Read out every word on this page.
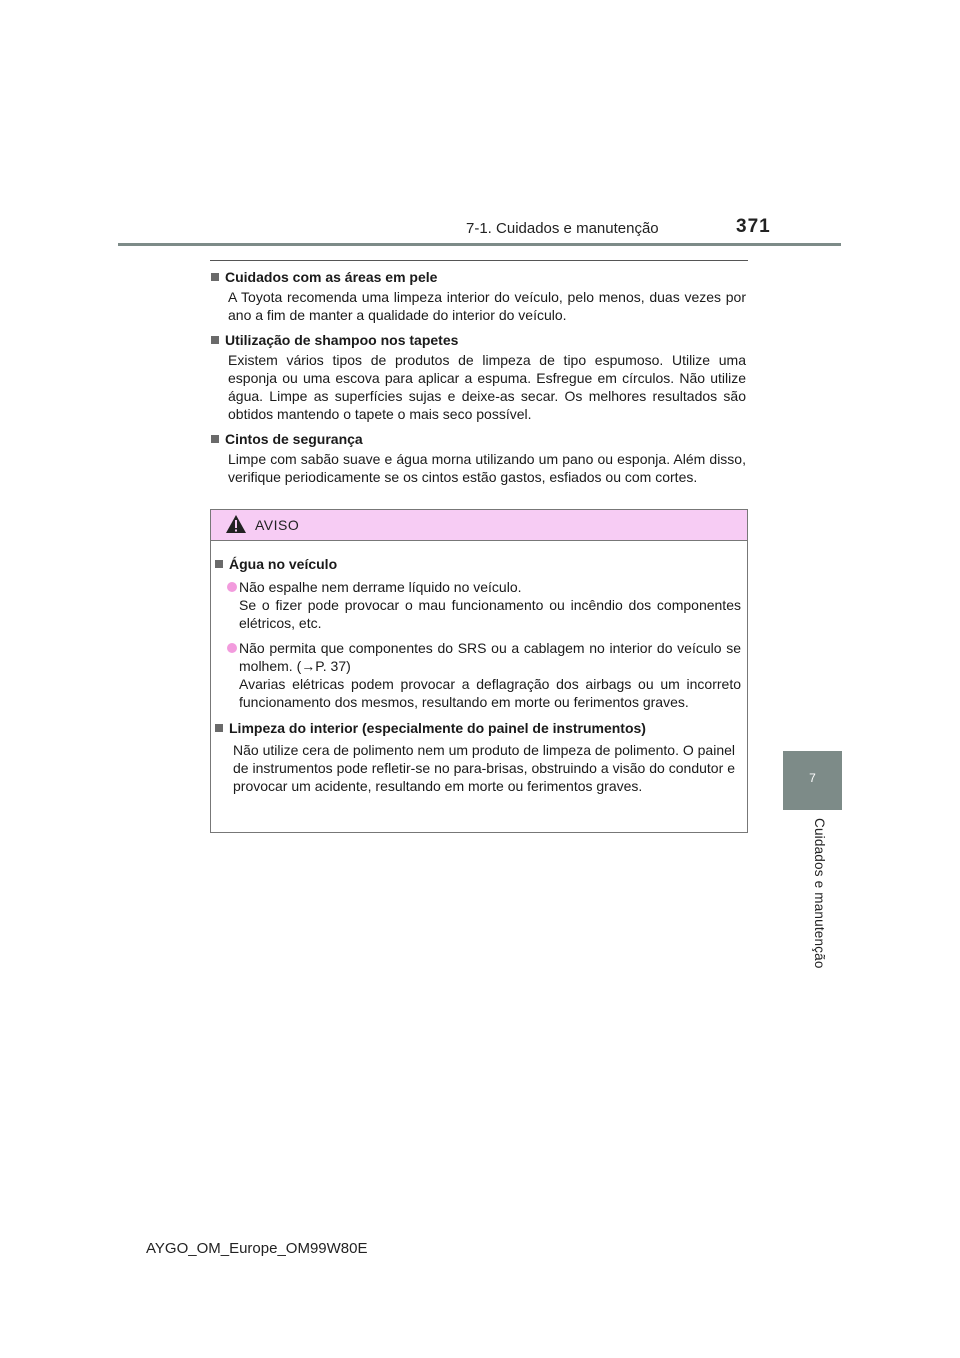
7-1. Cuidados e manutenção	371
7
Cuidados e manutenção
Cuidados com as áreas em pele
A Toyota recomenda uma limpeza interior do veículo, pelo menos, duas vezes por ano a fim de manter a qualidade do interior do veículo.
Utilização de shampoo nos tapetes
Existem vários tipos de produtos de limpeza de tipo espumoso. Utilize uma esponja ou uma escova para aplicar a espuma. Esfregue em círculos. Não utilize água. Limpe as superfícies sujas e deixe-as secar. Os melhores resultados são obtidos mantendo o tapete o mais seco possível.
Cintos de segurança
Limpe com sabão suave e água morna utilizando um pano ou esponja. Além disso, verifique periodicamente se os cintos estão gastos, esfiados ou com cortes.
AVISO
Água no veículo
Não espalhe nem derrame líquido no veículo.
Se o fizer pode provocar o mau funcionamento ou incêndio dos componentes elétricos, etc.
Não permita que componentes do SRS ou a cablagem no interior do veículo se molhem. (→P. 37)
Avarias elétricas podem provocar a deflagração dos airbags ou um incorreto funcionamento dos mesmos, resultando em morte ou ferimentos graves.
Limpeza do interior (especialmente do painel de instrumentos)
Não utilize cera de polimento nem um produto de limpeza de polimento. O painel de instrumentos pode refletir-se no para-brisas, obstruindo a visão do condutor e provocar um acidente, resultando em morte ou ferimentos graves.
AYGO_OM_Europe_OM99W80E
